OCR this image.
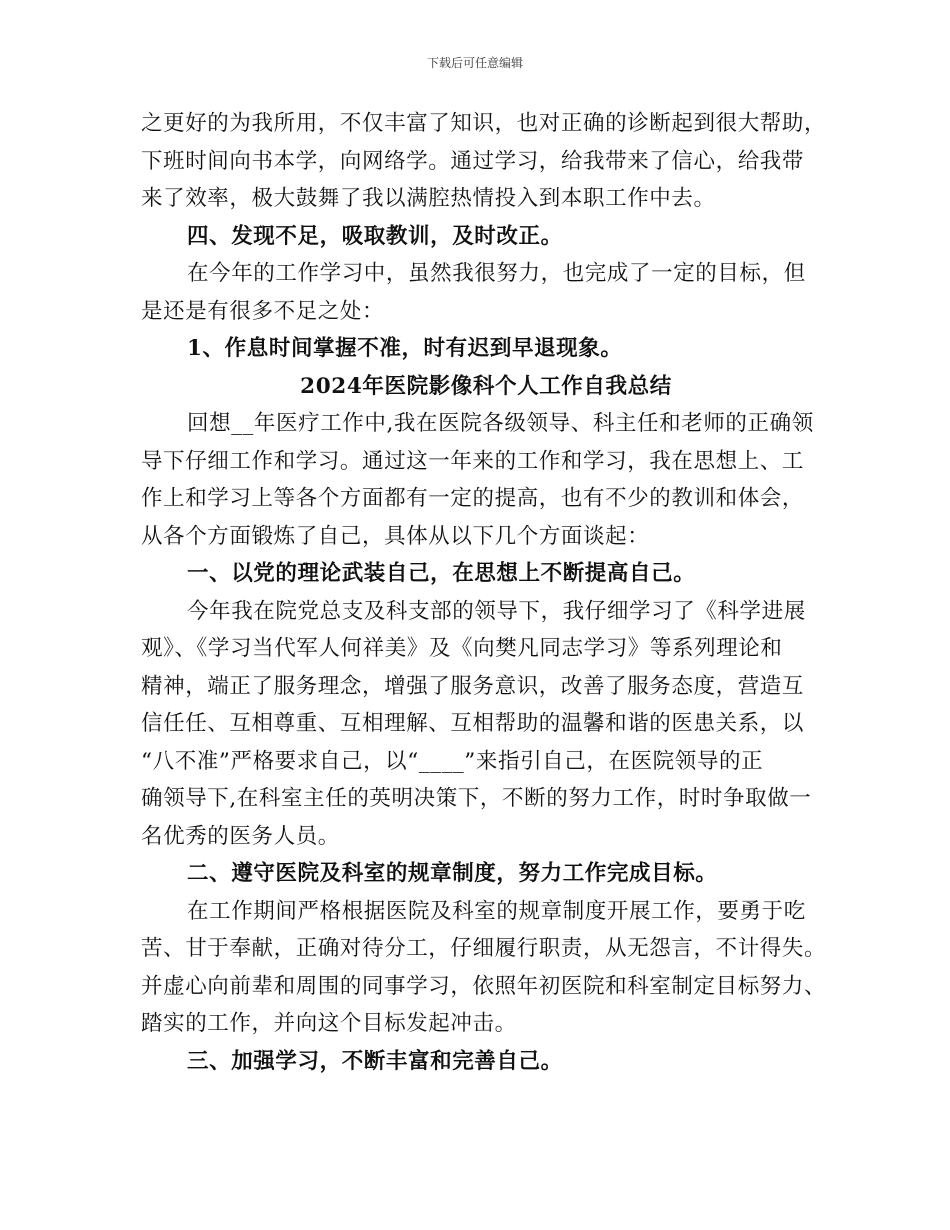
下载后可任意编辑
之更好的为我所用，不仅丰富了知识，也对正确的诊断起到很大帮助，
下班时间向书本学，向网络学。通过学习，给我带来了信心，给我带
来了效率，极大鼓舞了我以满腔热情投入到本职工作中去。
四、发现不足，吸取教训，及时改正。
在今年的工作学习中，虽然我很努力，也完成了一定的目标，但
是还是有很多不足之处：
1、作息时间掌握不准，时有迟到早退现象。
2024年医院影像科个人工作自我总结
回想__年医疗工作中,我在医院各级领导、科主任和老师的正确领
导下仔细工作和学习。通过这一年来的工作和学习，我在思想上、工
作上和学习上等各个方面都有一定的提高，也有不少的教训和体会，
从各个方面锻炼了自己，具体从以下几个方面谈起：
一、以党的理论武装自己，在思想上不断提高自己。
今年我在院党总支及科支部的领导下，我仔细学习了《科学进展
观》、《学习当代军人何祥美》及《向樊凡同志学习》等系列理论和
精神，端正了服务理念，增强了服务意识，改善了服务态度，营造互
信任任、互相尊重、互相理解、互相帮助的温馨和谐的医患关系，以
“八不准”严格要求自己，以“____”来指引自己，在医院领导的正
确领导下,在科室主任的英明决策下，不断的努力工作，时时争取做一
名优秀的医务人员。
二、遵守医院及科室的规章制度，努力工作完成目标。
在工作期间严格根据医院及科室的规章制度开展工作，要勇于吃
苦、甘于奉献，正确对待分工，仔细履行职责，从无怨言，不计得失。
并虚心向前辈和周围的同事学习，依照年初医院和科室制定目标努力、
踏实的工作，并向这个目标发起冲击。
三、加强学习，不断丰富和完善自己。
